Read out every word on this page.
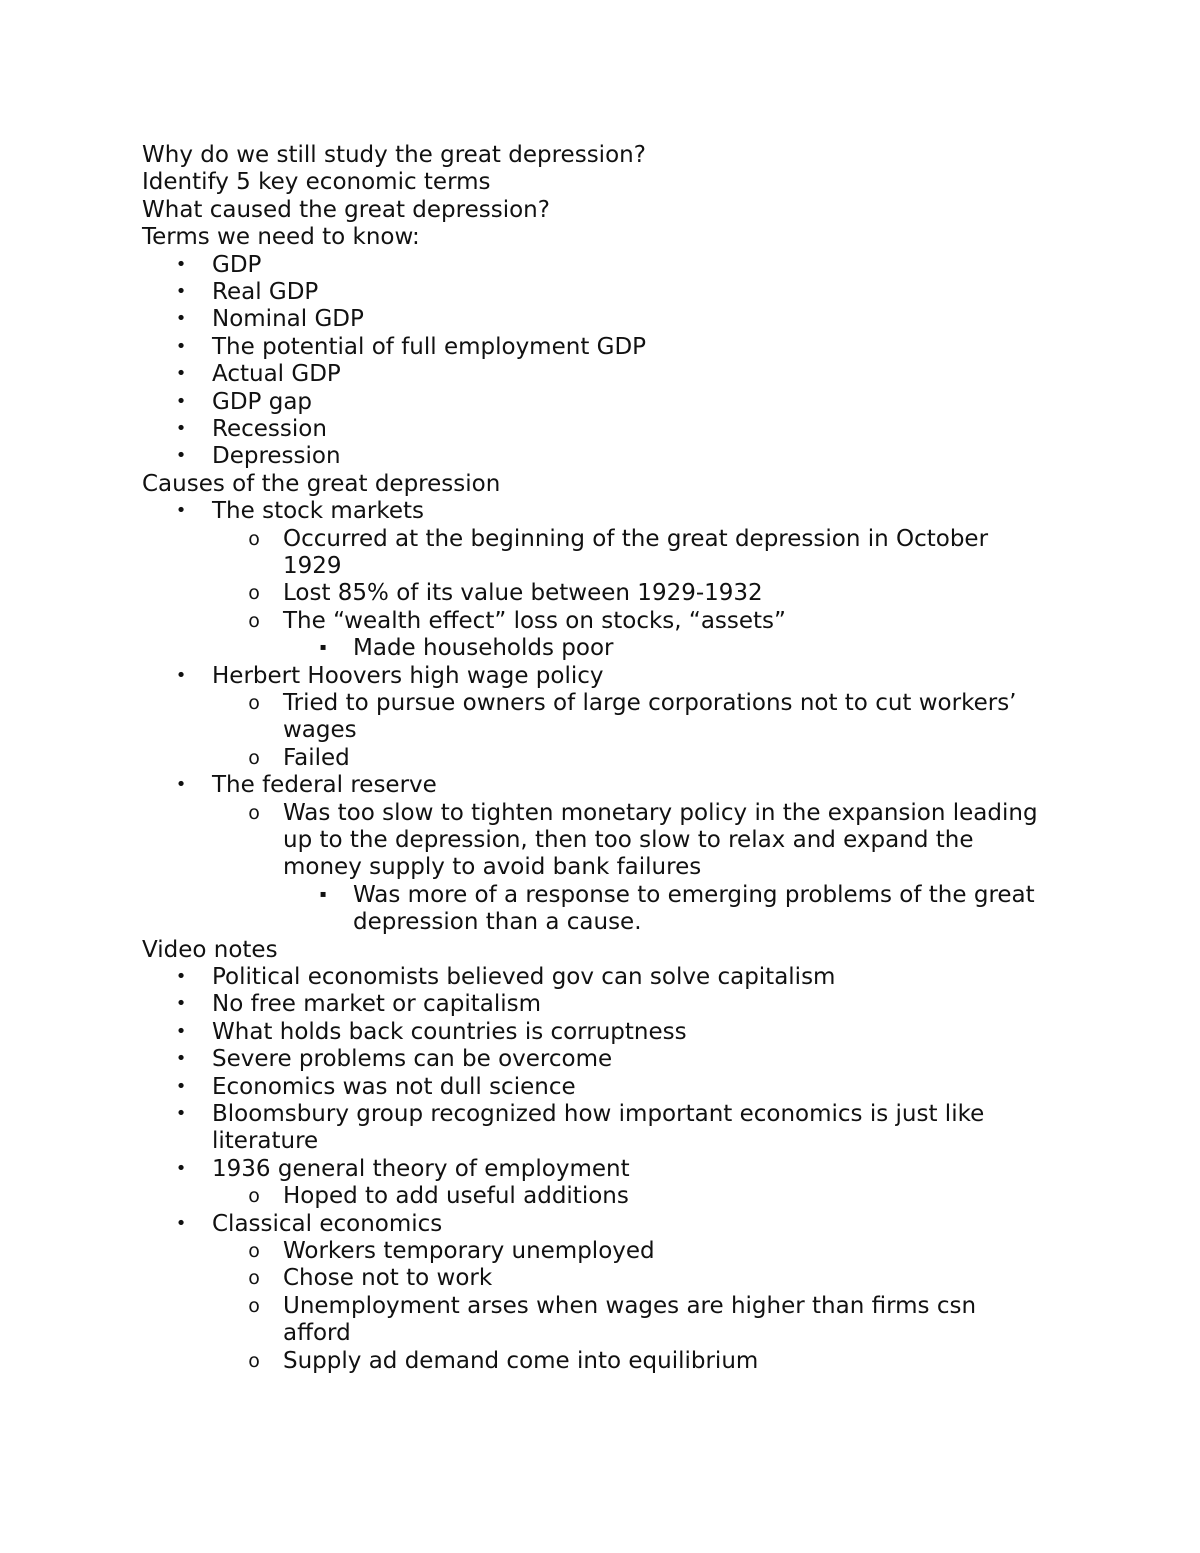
Why do we still study the great depression?
Identify 5 key economic terms
What caused the great depression?
Terms we need to know:
GDP
•
Real GDP
•
Nominal GDP
•
The potential of full employment GDP
•
Actual GDP
•
GDP gap
•
Recession
•
Depression
•
Causes of the great depression
The stock markets
•
Occurred at the beginning of the great depression in October
o
1929
Lost 85% of its value between 1929-1932
o
The “wealth effect” loss on stocks, “assets”
o
Made households poor
▪
Herbert Hoovers high wage policy
•
Tried to pursue owners of large corporations not to cut workers’
o
wages
Failed
o
The federal reserve
•
Was too slow to tighten monetary policy in the expansion leading
o
up to the depression, then too slow to relax and expand the
money supply to avoid bank failures
Was more of a response to emerging problems of the great
▪
depression than a cause.
Video notes
Political economists believed gov can solve capitalism
•
No free market or capitalism
•
What holds back countries is corruptness
•
Severe problems can be overcome
•
Economics was not dull science
•
Bloomsbury group recognized how important economics is just like
•
literature
1936 general theory of employment
•
Hoped to add useful additions
o
Classical economics
•
Workers temporary unemployed
o
Chose not to work
o
Unemployment arses when wages are higher than firms csn
o
afford
Supply ad demand come into equilibrium
o
